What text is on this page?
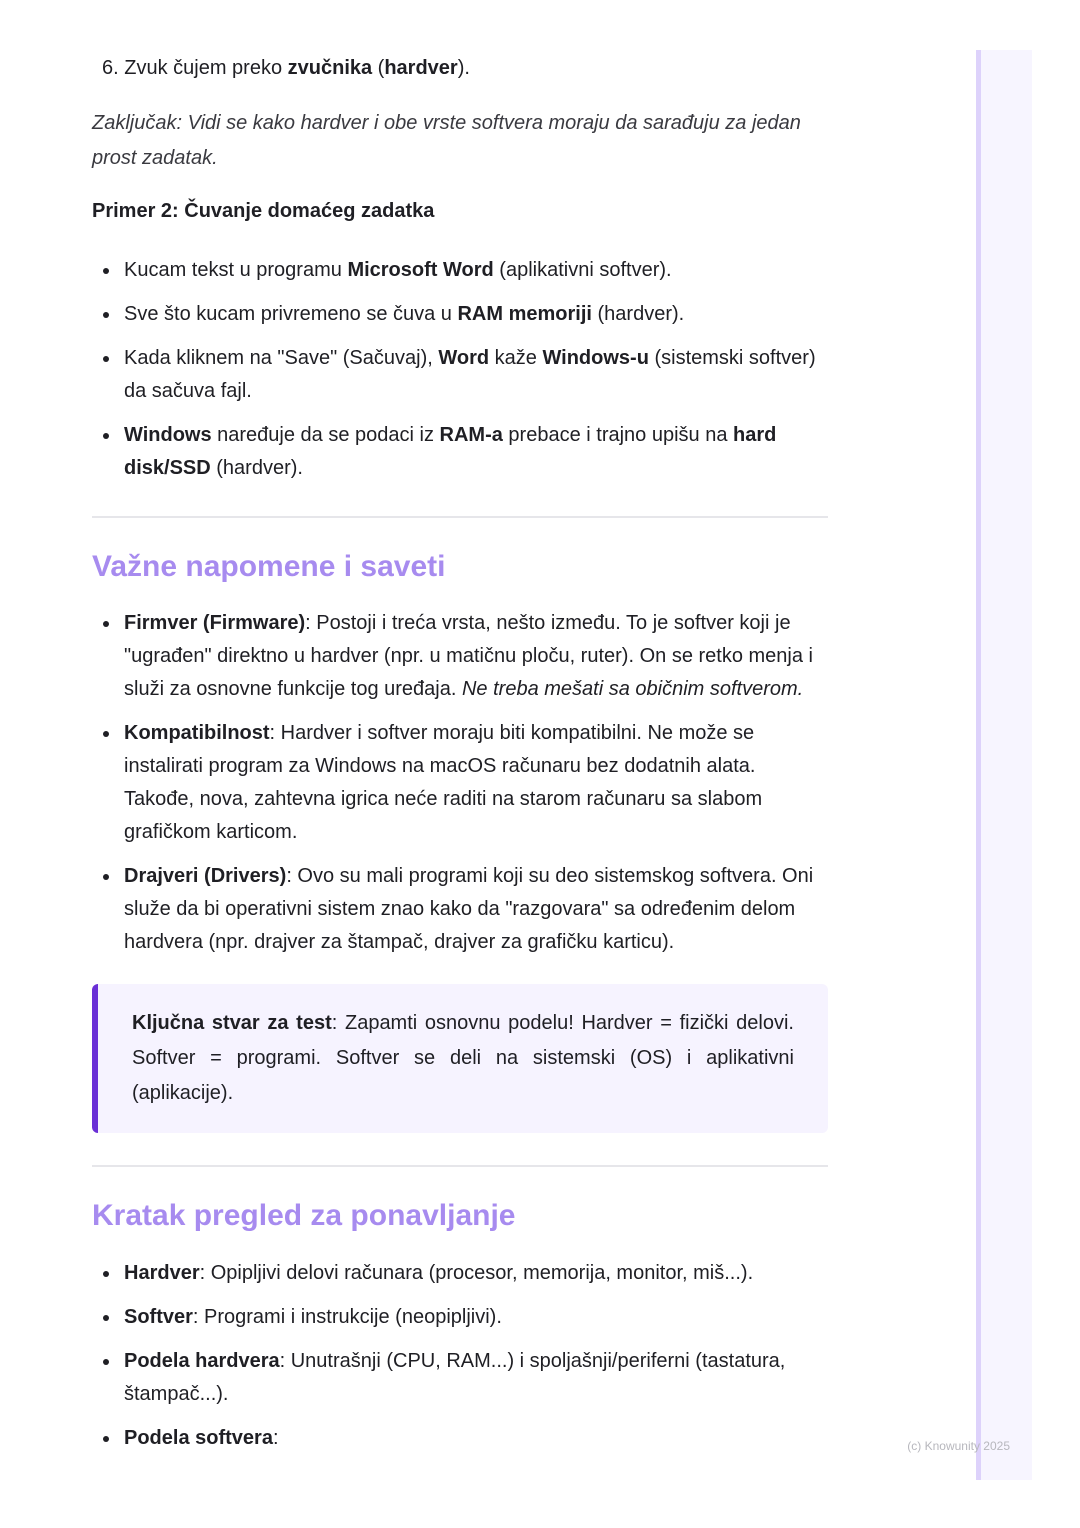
6. Zvuk čujem preko zvučnika (hardver).
Zaključak: Vidi se kako hardver i obe vrste softvera moraju da sarađuju za jedan prost zadatak.
Primer 2: Čuvanje domaćeg zadatka
Kucam tekst u programu Microsoft Word (aplikativni softver).
Sve što kucam privremeno se čuva u RAM memoriji (hardver).
Kada kliknem na "Save" (Sačuvaj), Word kaže Windows-u (sistemski softver) da sačuva fajl.
Windows naređuje da se podaci iz RAM-a prebace i trajno upišu na hard disk/SSD (hardver).
Važne napomene i saveti
Firmver (Firmware): Postoji i treća vrsta, nešto između. To je softver koji je "ugrađen" direktno u hardver (npr. u matičnu ploču, ruter). On se retko menja i služi za osnovne funkcije tog uređaja. Ne treba mešati sa običnim softverom.
Kompatibilnost: Hardver i softver moraju biti kompatibilni. Ne može se instalirati program za Windows na macOS računaru bez dodatnih alata. Takođe, nova, zahtevna igrica neće raditi na starom računaru sa slabom grafičkom karticom.
Drajveri (Drivers): Ovo su mali programi koji su deo sistemskog softvera. Oni služe da bi operativni sistem znao kako da "razgovara" sa određenim delom hardvera (npr. drajver za štampač, drajver za grafičku karticu).
Ključna stvar za test: Zapamti osnovnu podelu! Hardver = fizički delovi. Softver = programi. Softver se deli na sistemski (OS) i aplikativni (aplikacije).
Kratak pregled za ponavljanje
Hardver: Opipljivi delovi računara (procesor, memorija, monitor, miš...).
Softver: Programi i instrukcije (neopipljivi).
Podela hardvera: Unutrašnji (CPU, RAM...) i spoljašnji/periferni (tastatura, štampač...).
Podela softvera:	(c) Knowunity 2025
